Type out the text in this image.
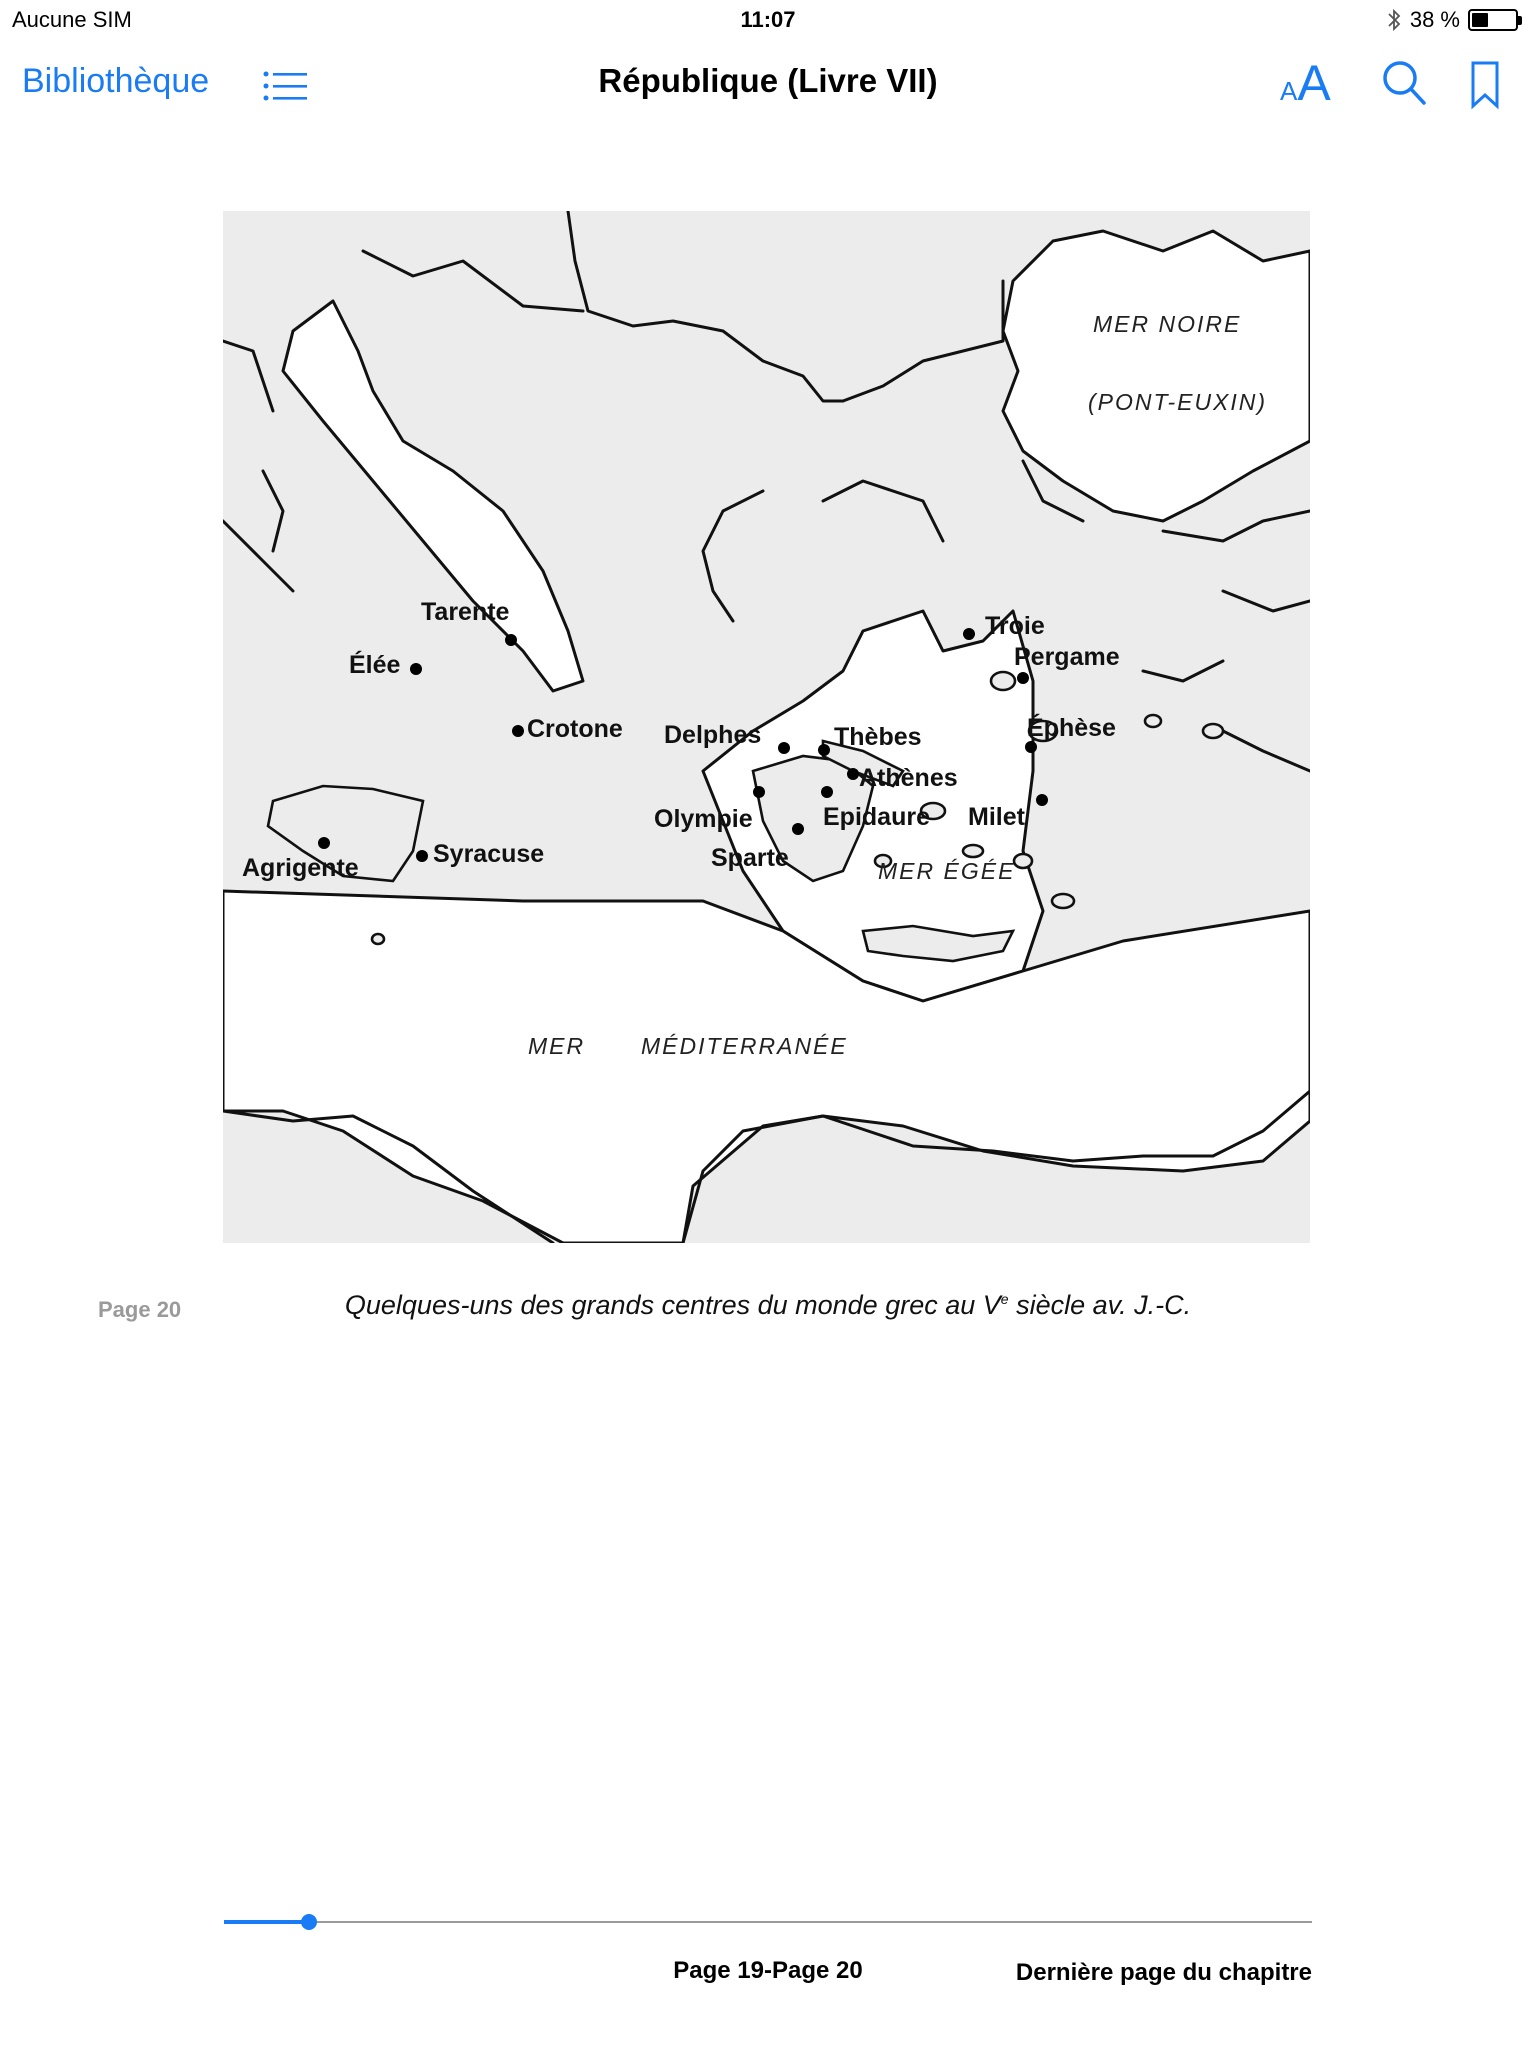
Aucune SIM	11:07	38 %
Bibliothèque	République (Livre VII)	AA
MER NOIRE
(PONT-EUXIN)
MER ÉGÉE
MER MÉDITERRANÉE
Tarente
Élée
Crotone
Agrigente	Syracuse
Delphes	Thèbes
Athènes
Olympie	Epidaure Milet
Sparte
Troie
Pergame
Éphèse
Page 20	Quelques-uns des grands centres du monde grec au Ve siècle av. J.-C.
Page 19-Page 20	Dernière page du chapitre
